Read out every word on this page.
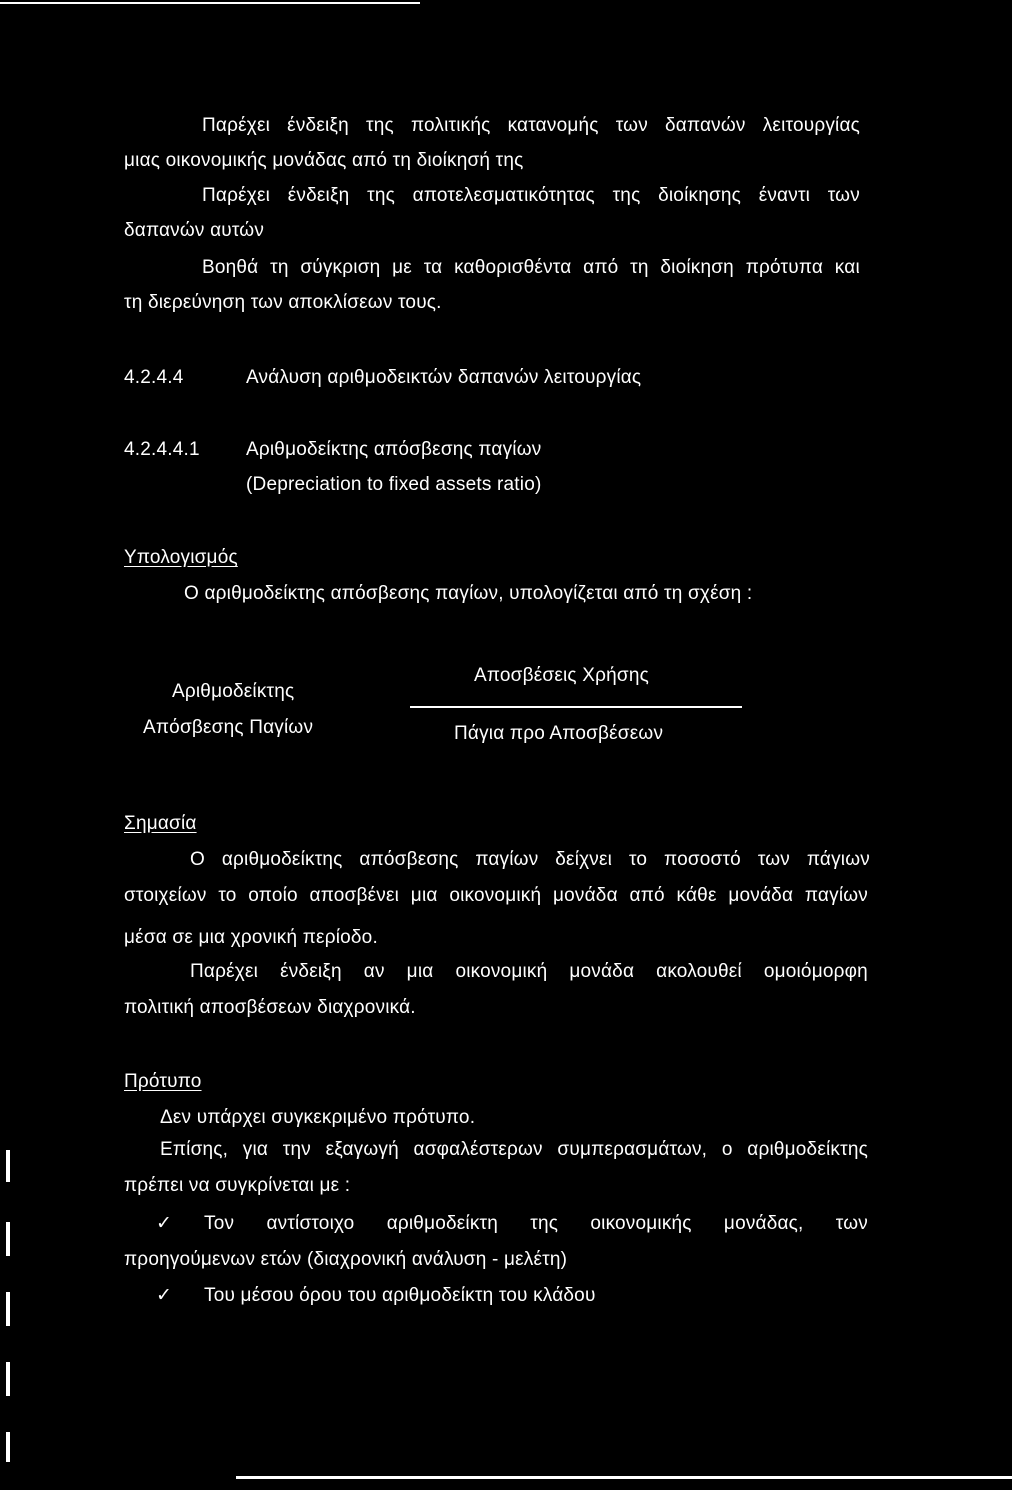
Παρέχει ένδειξη της πολιτικής κατανομής των δαπανών λειτουργίας
μιας οικονομικής μονάδας από τη διοίκησή της
Παρέχει ένδειξη της αποτελεσματικότητας της διοίκησης έναντι των
δαπανών αυτών
Βοηθά τη σύγκριση με τα καθορισθέντα από τη διοίκηση πρότυπα και
τη διερεύνηση των αποκλίσεων τους.
4.2.4.4	Ανάλυση αριθμοδεικτών δαπανών λειτουργίας
4.2.4.4.1 Αριθμοδείκτης απόσβεσης παγίων
(Depreciation to fixed assets ratio)
Υπολογισμός
Ο αριθμοδείκτης απόσβεσης παγίων, υπολογίζεται από τη σχέση :
Αριθμοδείκτης
Απόσβεσης Παγίων
Αποσβέσεις Χρήσης
Πάγια προ Αποσβέσεων
Σημασία
Ο αριθμοδείκτης απόσβεσης παγίων δείχνει το ποσοστό των πάγιων
στοιχείων το οποίο αποσβένει μια οικονομική μονάδα από κάθε μονάδα παγίων
μέσα σε μια χρονική περίοδο.
Παρέχει ένδειξη αν μια οικονομική μονάδα ακολουθεί ομοιόμορφη
πολιτική αποσβέσεων διαχρονικά.
Πρότυπο
Δεν υπάρχει συγκεκριμένο πρότυπο.
Επίσης, για την εξαγωγή ασφαλέστερων συμπερασμάτων, ο αριθμοδείκτης
πρέπει να συγκρίνεται με :
✓ Τον αντίστοιχο αριθμοδείκτη της οικονομικής μονάδας, των
προηγούμενων ετών (διαχρονική ανάλυση - μελέτη)
✓ Του μέσου όρου του αριθμοδείκτη του κλάδου
